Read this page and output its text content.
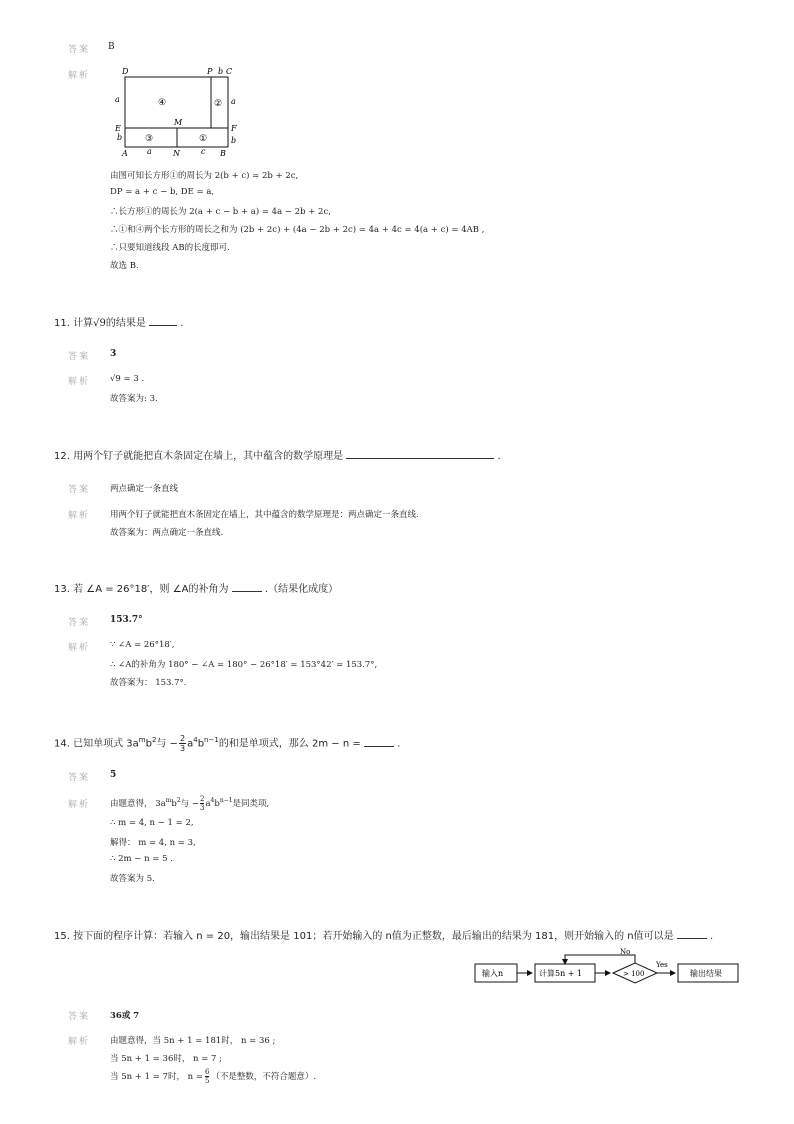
答案 B
解析	D	P b C
a	a
④	②
M
E	F
b	b
③	①
A a	N	c B
由图可知长方形①的周长为 2(b + c) = 2b + 2c,
DP = a + c − b, DE = a,
∴长方形①的周长为 2(a + c − b + a) = 4a − 2b + 2c,
∴①和④两个长方形的周长之和为 (2b + 2c) + (4a − 2b + 2c) = 4a + 4c = 4(a + c) = 4AB ,
∴只要知道线段 AB的长度即可.
故选 B.
11. 计算√9的结果是	.
答案 3
解析 √9 = 3 .
故答案为: 3.
12. 用两个钉子就能把直木条固定在墙上，其中蕴含的数学原理是	.
答案 两点确定一条直线
解析 用两个钉子就能把直木条固定在墙上，其中蕴含的数学原理是：两点确定一条直线.
故答案为：两点确定一条直线.
13. 若 ∠A = 26°18′，则 ∠A的补角为	.（结果化成度）
答案 153.7°
解析 ∵ ∠A = 26°18′,
∴ ∠A的补角为 180° − ∠A = 180° − 26°18′ = 153°42′ = 153.7°,
故答案为： 153.7°.
14. 已知单项式 $3a^mb^2$与 − $\frac{2}{3} a^4b^{n-1}$的和是单项式，那么 2m − n =	.
答案 5
解析 由题意得， $3a^mb^2$与 − $\frac{2}{3} a^4b^{n-1}$是同类项,
∴ m = 4, n − 1 = 2,
解得： m = 4, n = 3,
∴ 2m − n = 5 .
故答案为 5.
15. 按下面的程序计算：若输入 n = 20，输出结果是 101；若开始输入的 n值为正整数，最后输出的结果为 181，则开始输入的 n值可以是	.
输入n	计算5n + 1	> 100
Yes
输出结果
No
答案 36或 7
解析 由题意得，当 5n + 1 = 181时， n = 36 ;
当 5n + 1 = 36时， n = 7 ;
当 5n + 1 = 7时， $n = \frac{6}{5}$ （不是整数，不符合题意）.
